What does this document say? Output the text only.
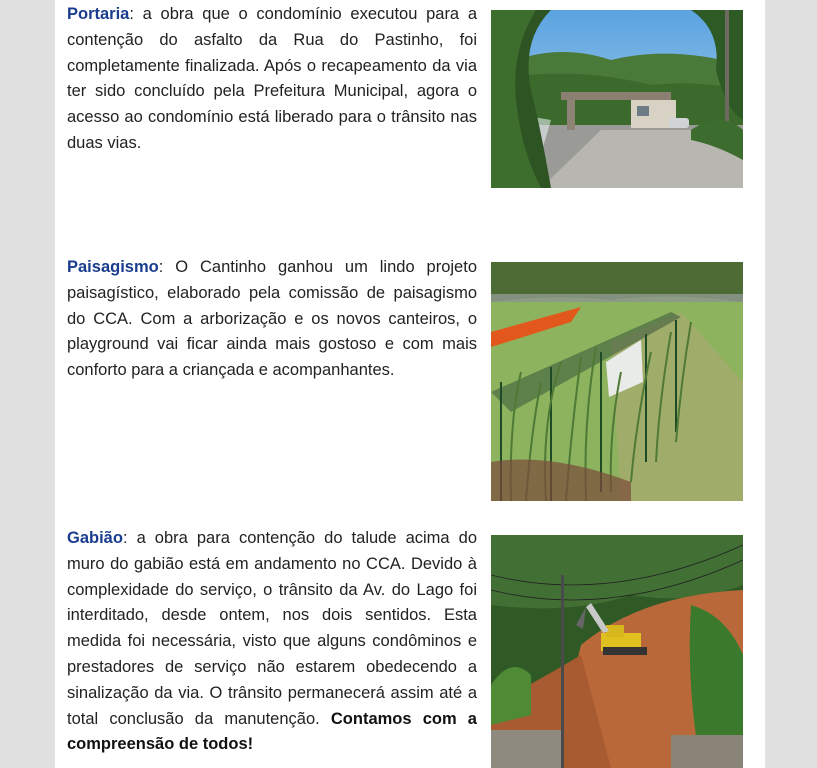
Portaria: a obra que o condomínio executou para a contenção do asfalto da Rua do Pastinho, foi completamente finalizada. Após o recapeamento da via ter sido concluído pela Prefeitura Municipal, agora o acesso ao condomínio está liberado para o trânsito nas duas vias.
Paisagismo: O Cantinho ganhou um lindo projeto paisagístico, elaborado pela comissão de paisagismo do CCA. Com a arborização e os novos canteiros, o playground vai ficar ainda mais gostoso e com mais conforto para a criançada e acompanhantes.
Gabião: a obra para contenção do talude acima do muro do gabião está em andamento no CCA. Devido à complexidade do serviço, o trânsito da Av. do Lago foi interditado, desde ontem, nos dois sentidos. Esta medida foi necessária, visto que alguns condôminos e prestadores de serviço não estarem obedecendo a sinalização da via. O trânsito permanecerá assim até a total conclusão da manutenção. Contamos com a compreensão de todos!
